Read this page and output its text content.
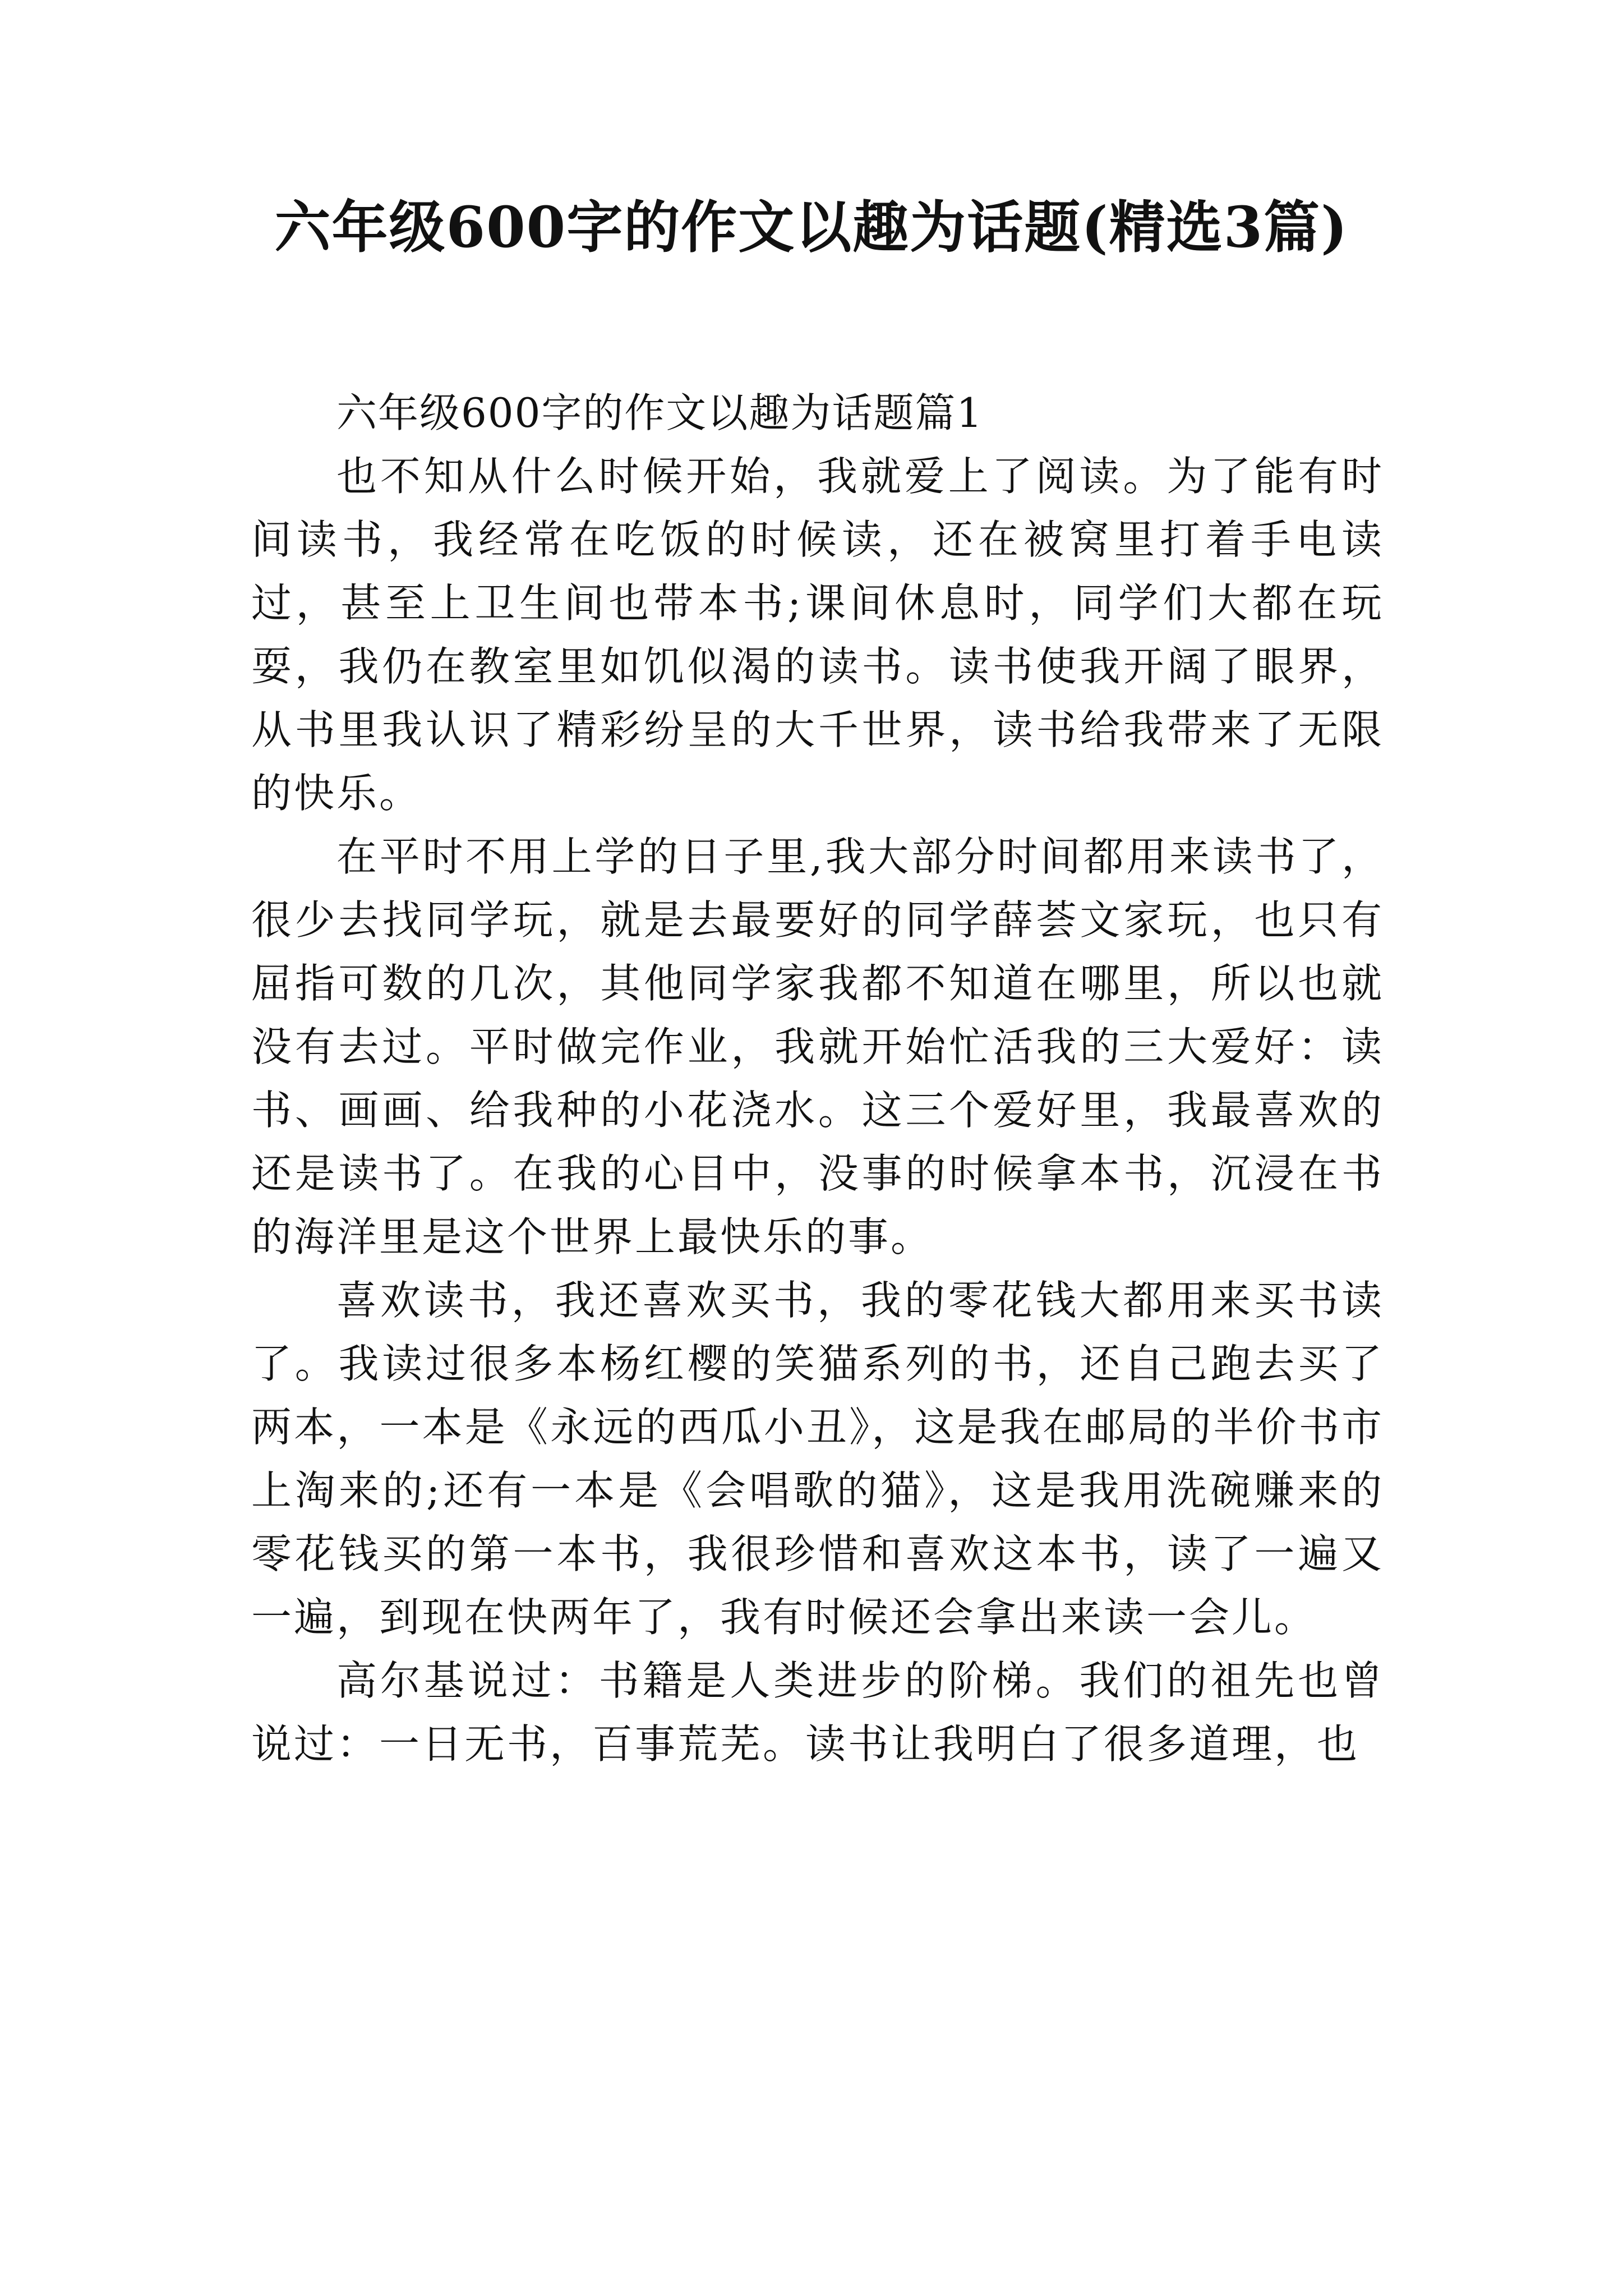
六年级600字的作文以趣为话题(精选3篇)

六年级600字的作文以趣为话题篇1

也不知从什么时候开始，我就爱上了阅读。为了能有时间读书，我经常在吃饭的时候读，还在被窝里打着手电读过，甚至上卫生间也带本书;课间休息时，同学们大都在玩耍，我仍在教室里如饥似渴的读书。读书使我开阔了眼界，从书里我认识了精彩纷呈的大千世界，读书给我带来了无限的快乐。

在平时不用上学的日子里,我大部分时间都用来读书了，很少去找同学玩，就是去最要好的同学薛荟文家玩，也只有屈指可数的几次，其他同学家我都不知道在哪里，所以也就没有去过。平时做完作业，我就开始忙活我的三大爱好：读书、画画、给我种的小花浇水。这三个爱好里，我最喜欢的还是读书了。在我的心目中，没事的时候拿本书，沉浸在书的海洋里是这个世界上最快乐的事。

喜欢读书，我还喜欢买书，我的零花钱大都用来买书读了。我读过很多本杨红樱的笑猫系列的书，还自己跑去买了两本，一本是《永远的西瓜小丑》，这是我在邮局的半价书市上淘来的;还有一本是《会唱歌的猫》，这是我用洗碗赚来的零花钱买的第一本书，我很珍惜和喜欢这本书，读了一遍又一遍，到现在快两年了，我有时候还会拿出来读一会儿。

高尔基说过：书籍是人类进步的阶梯。我们的祖先也曾说过：一日无书，百事荒芜。读书让我明白了很多道理，也
